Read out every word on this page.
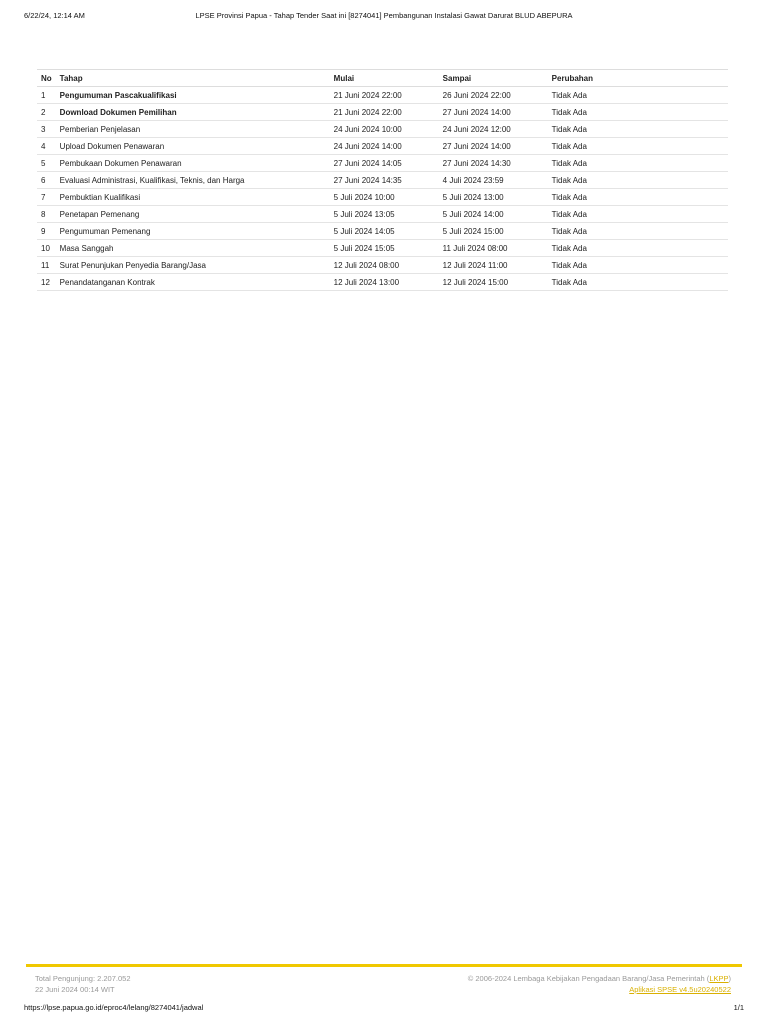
6/22/24, 12:14 AM	LPSE Provinsi Papua - Tahap Tender Saat ini [8274041] Pembangunan Instalasi Gawat Darurat BLUD ABEPURA
No	Tahap	Mulai	Sampai	Perubahan
1	Pengumuman Pascakualifikasi	21 Juni 2024 22:00	26 Juni 2024 22:00	Tidak Ada
2	Download Dokumen Pemilihan	21 Juni 2024 22:00	27 Juni 2024 14:00	Tidak Ada
3	Pemberian Penjelasan	24 Juni 2024 10:00	24 Juni 2024 12:00	Tidak Ada
4	Upload Dokumen Penawaran	24 Juni 2024 14:00	27 Juni 2024 14:00	Tidak Ada
5	Pembukaan Dokumen Penawaran	27 Juni 2024 14:05	27 Juni 2024 14:30	Tidak Ada
6	Evaluasi Administrasi, Kualifikasi, Teknis, dan Harga	27 Juni 2024 14:35	4 Juli 2024 23:59	Tidak Ada
7	Pembuktian Kualifikasi	5 Juli 2024 10:00	5 Juli 2024 13:00	Tidak Ada
8	Penetapan Pemenang	5 Juli 2024 13:05	5 Juli 2024 14:00	Tidak Ada
9	Pengumuman Pemenang	5 Juli 2024 14:05	5 Juli 2024 15:00	Tidak Ada
10	Masa Sanggah	5 Juli 2024 15:05	11 Juli 2024 08:00	Tidak Ada
11	Surat Penunjukan Penyedia Barang/Jasa	12 Juli 2024 08:00	12 Juli 2024 11:00	Tidak Ada
12	Penandatanganan Kontrak	12 Juli 2024 13:00	12 Juli 2024 15:00	Tidak Ada
Total Pengunjung: 2.207.052
22 Juni 2024 00:14 WIT
© 2006-2024 Lembaga Kebijakan Pengadaan Barang/Jasa Pemerintah (LKPP)
Aplikasi SPSE v4.5u20240522
https://lpse.papua.go.id/eproc4/lelang/8274041/jadwal	1/1
